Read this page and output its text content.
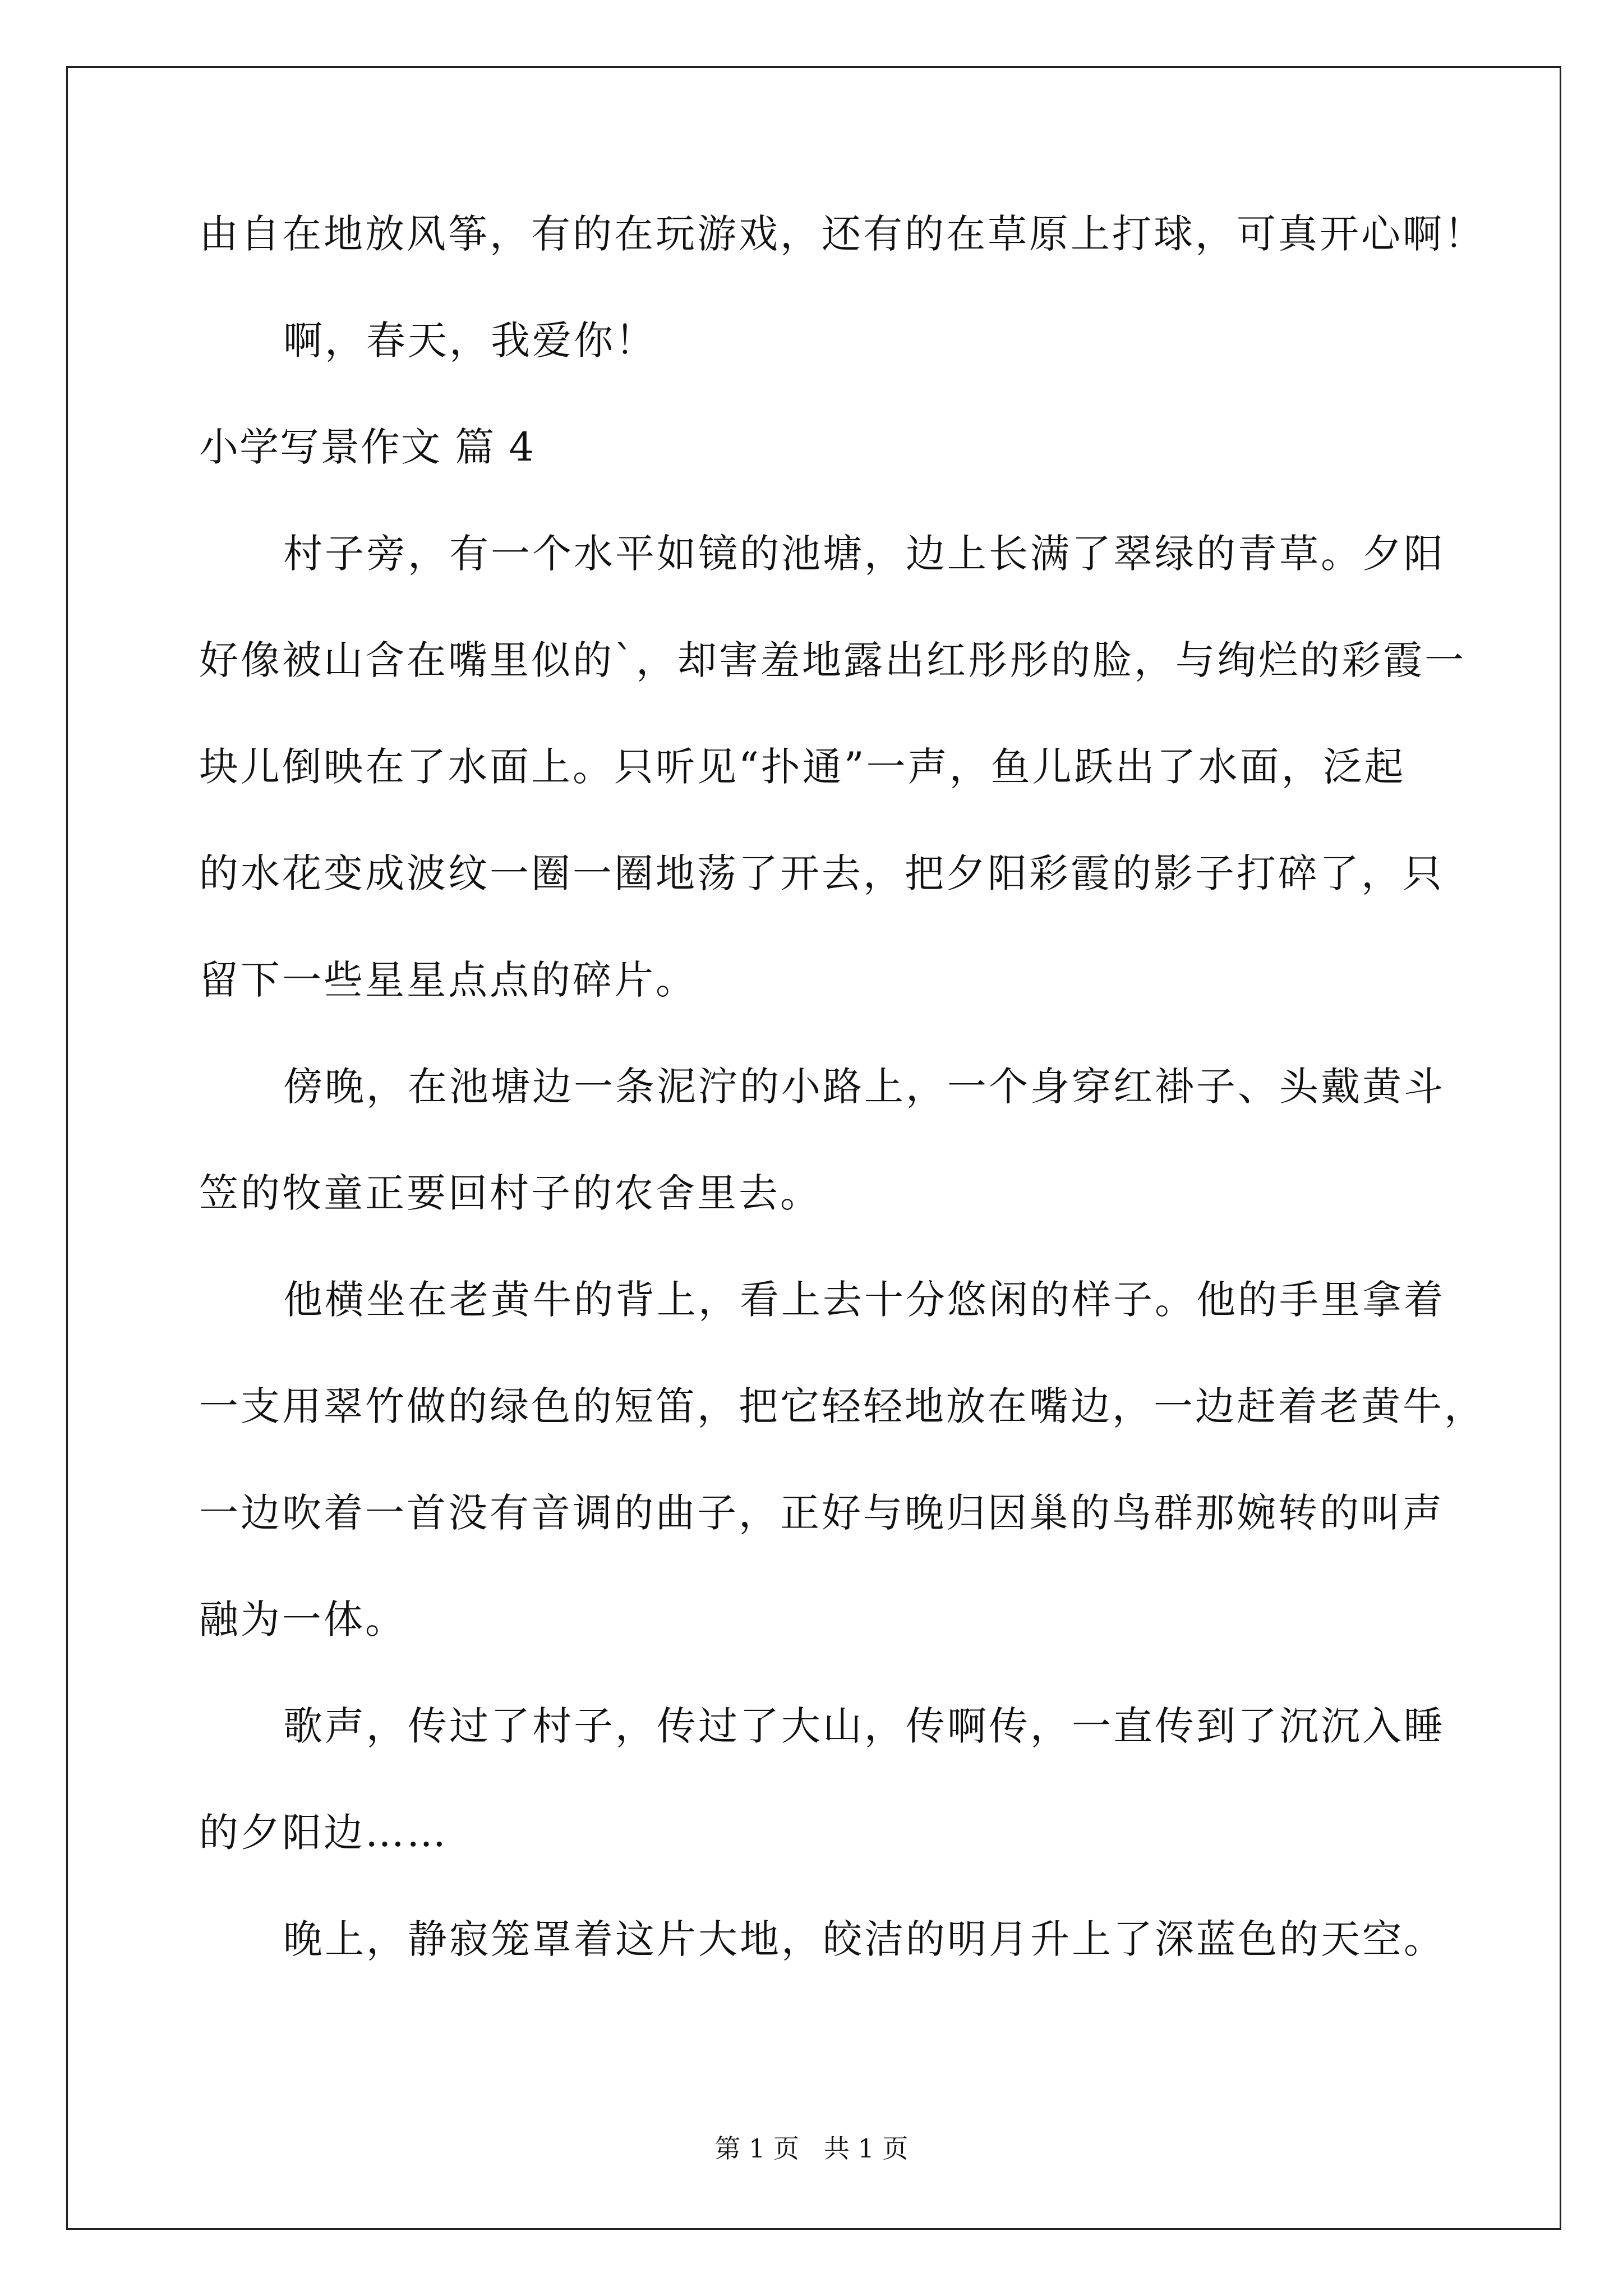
由自在地放风筝，有的在玩游戏，还有的在草原上打球，可真开心啊！
啊，春天，我爱你！
小学写景作文 篇 4
村子旁，有一个水平如镜的池塘，边上长满了翠绿的青草。夕阳
好像被山含在嘴里似的`，却害羞地露出红彤彤的脸，与绚烂的彩霞一
块儿倒映在了水面上。只听见“扑通”一声，鱼儿跃出了水面，泛起
的水花变成波纹一圈一圈地荡了开去，把夕阳彩霞的影子打碎了，只
留下一些星星点点的碎片。
傍晚，在池塘边一条泥泞的小路上，一个身穿红褂子、头戴黄斗
笠的牧童正要回村子的农舍里去。
他横坐在老黄牛的背上，看上去十分悠闲的样子。他的手里拿着
一支用翠竹做的绿色的短笛，把它轻轻地放在嘴边，一边赶着老黄牛，
一边吹着一首没有音调的曲子，正好与晚归因巢的鸟群那婉转的叫声
融为一体。
歌声，传过了村子，传过了大山，传啊传，一直传到了沉沉入睡
的夕阳边……
晚上，静寂笼罩着这片大地，皎洁的明月升上了深蓝色的天空。
第 1 页   共 1 页
